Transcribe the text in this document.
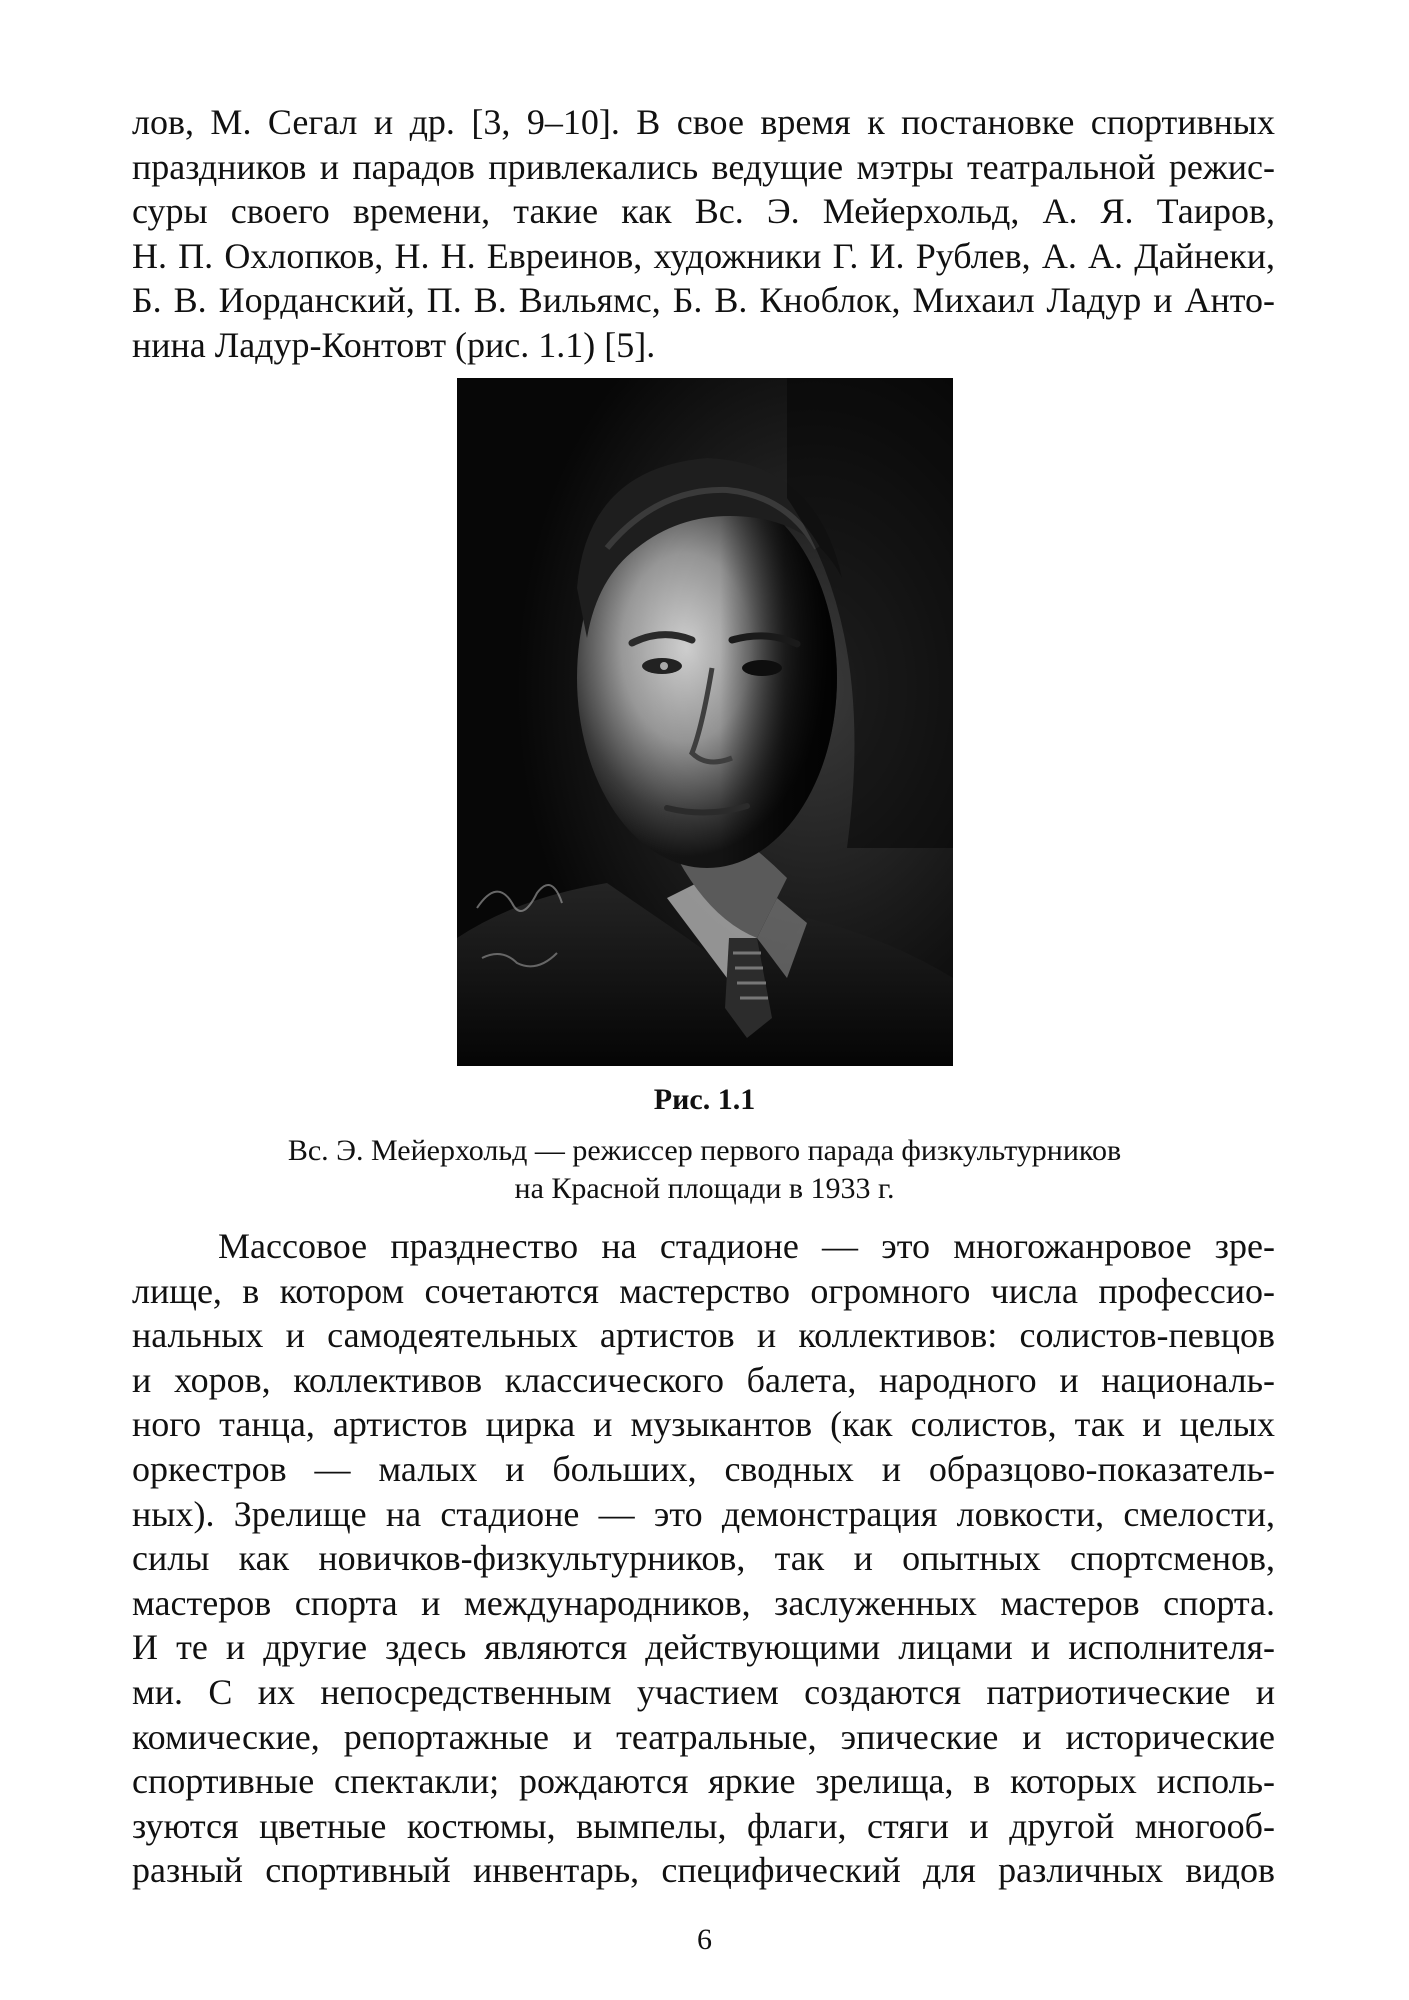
лов, М. Сегал и др. [3, 9–10]. В свое время к постановке спортивных
праздников и парадов привлекались ведущие мэтры театральной режис-
суры своего времени, такие как Вс. Э. Мейерхольд, А. Я. Таиров,
Н. П. Охлопков, Н. Н. Евреинов, художники Г. И. Рублев, А. А. Дайнеки,
Б. В. Иорданский, П. В. Вильямс, Б. В. Кноблок, Михаил Ладур и Анто-
нина Ладур-Контовт (рис. 1.1) [5].

Рис. 1.1
Вс. Э. Мейерхольд — режиссер первого парада физкультурников
на Красной площади в 1933 г.

Массовое празднество на стадионе — это многожанровое зре-
лище, в котором сочетаются мастерство огромного числа профессио-
нальных и самодеятельных артистов и коллективов: солистов-певцов
и хоров, коллективов классического балета, народного и националь-
ного танца, артистов цирка и музыкантов (как солистов, так и целых
оркестров — малых и больших, сводных и образцово-показатель-
ных). Зрелище на стадионе — это демонстрация ловкости, смелости,
силы как новичков-физкультурников, так и опытных спортсменов,
мастеров спорта и международников, заслуженных мастеров спорта.
И те и другие здесь являются действующими лицами и исполнителя-
ми. С их непосредственным участием создаются патриотические и
комические, репортажные и театральные, эпические и исторические
спортивные спектакли; рождаются яркие зрелища, в которых исполь-
зуются цветные костюмы, вымпелы, флаги, стяги и другой многооб-
разный спортивный инвентарь, специфический для различных видов

6
